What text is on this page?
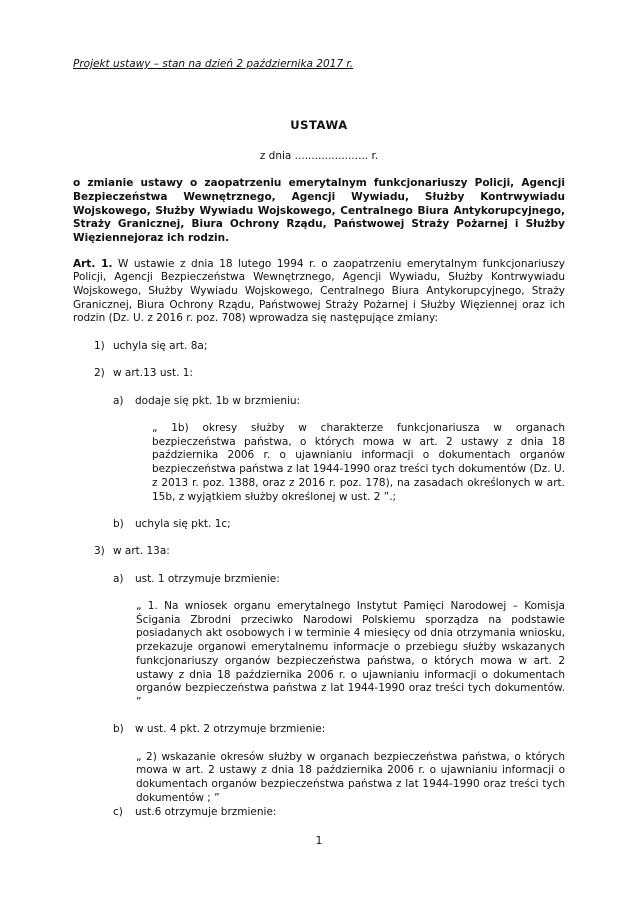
Projekt ustawy – stan na dzień 2 października 2017 r.
USTAWA
z dnia ...................... r.

o zmianie ustawy o zaopatrzeniu emerytalnym funkcjonariuszy Policji, Agencji Bezpieczeństwa Wewnętrznego, Agencji Wywiadu, Służby Kontrwywiadu Wojskowego, Służby Wywiadu Wojskowego, Centralnego Biura Antykorupcyjnego, Straży Granicznej, Biura Ochrony Rządu, Państwowej Straży Pożarnej i Służby Więziennejoraz ich rodzin.

Art. 1. W ustawie z dnia 18 lutego 1994 r. o zaopatrzeniu emerytalnym funkcjonariuszy Policji, Agencji Bezpieczeństwa Wewnętrznego, Agencji Wywiadu, Służby Kontrwywiadu Wojskowego, Służby Wywiadu Wojskowego, Centralnego Biura Antykorupcyjnego, Straży Granicznej, Biura Ochrony Rządu, Państwowej Straży Pożarnej i Służby Więziennej oraz ich rodzin (Dz. U. z 2016 r. poz. 708) wprowadza się następujące zmiany:

1) uchyla się art. 8a;
2) w art.13 ust. 1:
a)	dodaje się pkt. 1b w brzmieniu:
„ 1b) okresy służby w charakterze funkcjonariusza w organach bezpieczeństwa państwa, o których mowa w art. 2 ustawy z dnia 18 października 2006 r. o ujawnianiu informacji o dokumentach organów bezpieczeństwa państwa z lat 1944-1990 oraz treści tych dokumentów (Dz. U. z 2013 r. poz. 1388, oraz z 2016 r. poz. 178), na zasadach określonych w art. 15b, z wyjątkiem służby określonej w ust. 2 ”.;
b)	uchyla się pkt. 1c;
3) w art. 13a:
a)	ust. 1 otrzymuje brzmienie:
„ 1. Na wniosek organu emerytalnego Instytut Pamięci Narodowej – Komisja Ścigania Zbrodni przeciwko Narodowi Polskiemu sporządza na podstawie posiadanych akt osobowych i w terminie 4 miesięcy od dnia otrzymania wniosku, przekazuje organowi emerytalnemu informacje o przebiegu służby wskazanych funkcjonariuszy organów bezpieczeństwa państwa, o których mowa w art. 2 ustawy z dnia 18 października 2006 r. o ujawnianiu informacji o dokumentach organów bezpieczeństwa państwa z lat 1944-1990 oraz treści tych dokumentów. ”
b)	w ust. 4 pkt. 2 otrzymuje brzmienie:
„ 2) wskazanie okresów służby w organach bezpieczeństwa państwa, o których mowa w art. 2 ustawy z dnia 18 października 2006 r. o ujawnianiu informacji o dokumentach organów bezpieczeństwa państwa z lat 1944-1990 oraz treści tych dokumentów ; ”
c)	ust.6 otrzymuje brzmienie:
1
